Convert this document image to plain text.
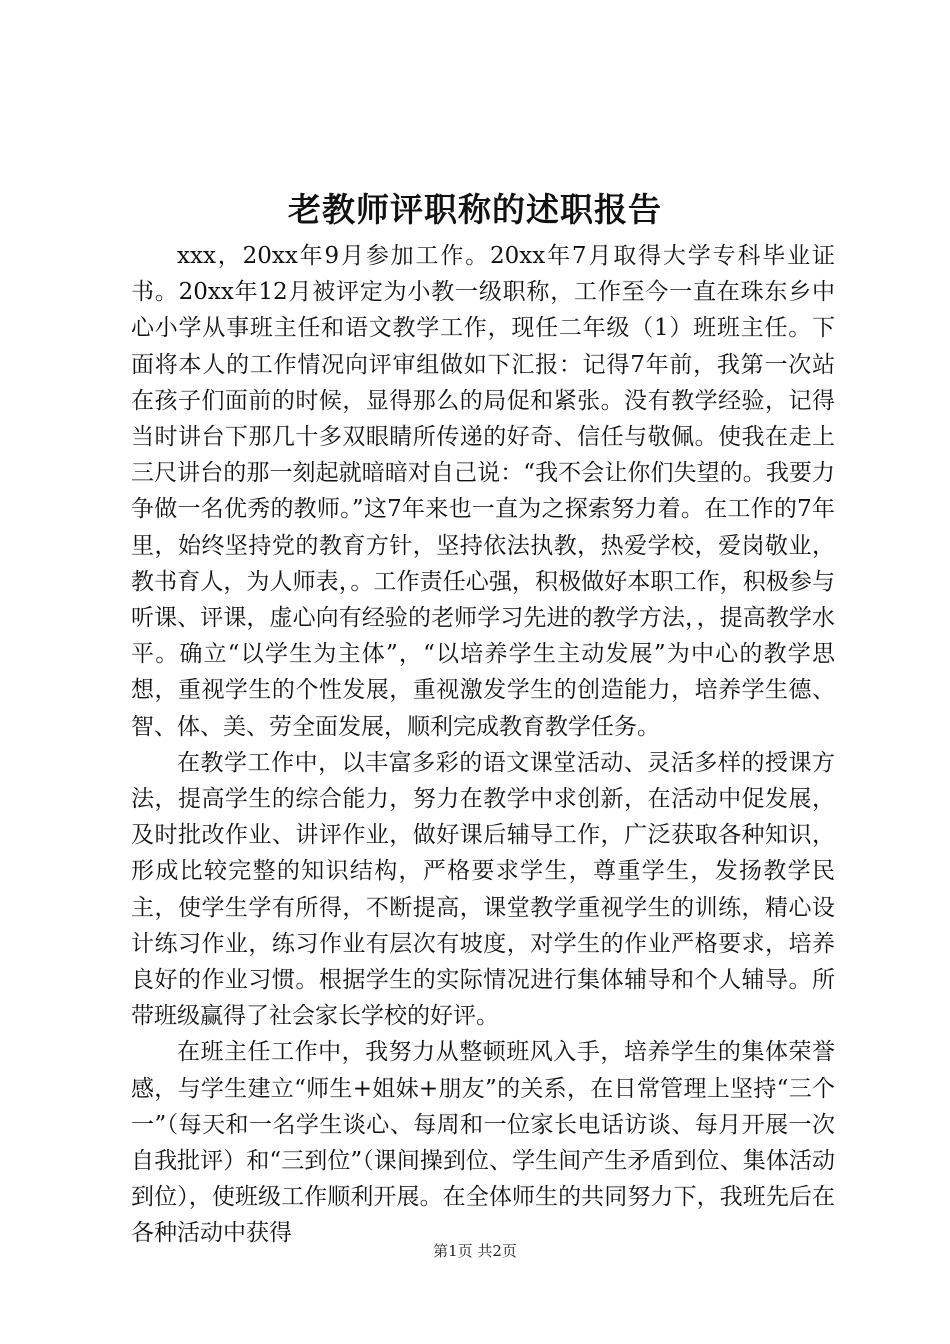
老教师评职称的述职报告

xxx，20xx年9月参加工作。20xx年7月取得大学专科毕业证书。20xx年12月被评定为小教一级职称，工作至今一直在珠东乡中心小学从事班主任和语文教学工作，现任二年级（1）班班主任。下面将本人的工作情况向评审组做如下汇报：记得7年前，我第一次站在孩子们面前的时候，显得那么的局促和紧张。没有教学经验，记得当时讲台下那几十多双眼睛所传递的好奇、信任与敬佩。使我在走上三尺讲台的那一刻起就暗暗对自己说：“我不会让你们失望的。我要力争做一名优秀的教师。”这7年来也一直为之探索努力着。在工作的7年里，始终坚持党的教育方针，坚持依法执教，热爱学校，爱岗敬业，教书育人，为人师表，。工作责任心强，积极做好本职工作，积极参与听课、评课，虚心向有经验的老师学习先进的教学方法，，提高教学水平。确立“以学生为主体”，“以培养学生主动发展”为中心的教学思想，重视学生的个性发展，重视激发学生的创造能力，培养学生德、智、体、美、劳全面发展，顺利完成教育教学任务。

在教学工作中，以丰富多彩的语文课堂活动、灵活多样的授课方法，提高学生的综合能力，努力在教学中求创新，在活动中促发展，及时批改作业、讲评作业，做好课后辅导工作，广泛获取各种知识，形成比较完整的知识结构，严格要求学生，尊重学生，发扬教学民主，使学生学有所得，不断提高，课堂教学重视学生的训练，精心设计练习作业，练习作业有层次有坡度，对学生的作业严格要求，培养良好的作业习惯。根据学生的实际情况进行集体辅导和个人辅导。所带班级赢得了社会家长学校的好评。

在班主任工作中，我努力从整顿班风入手，培养学生的集体荣誉感，与学生建立“师生+姐妹+朋友”的关系，在日常管理上坚持“三个一”（每天和一名学生谈心、每周和一位家长电话访谈、每月开展一次自我批评）和“三到位”（课间操到位、学生间产生矛盾到位、集体活动到位），使班级工作顺利开展。在全体师生的共同努力下，我班先后在各种活动中获得

第1页 共2页
